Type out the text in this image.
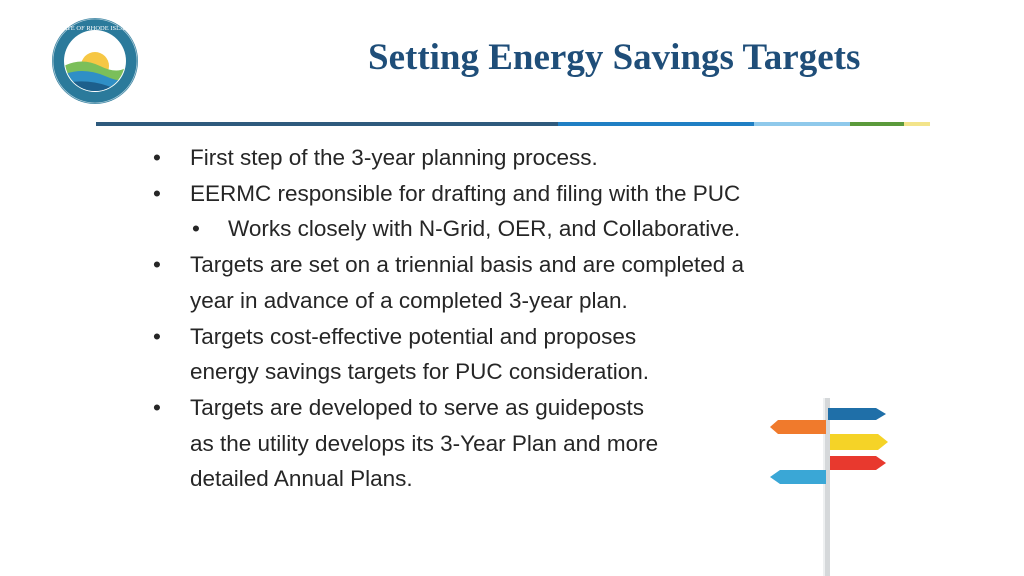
STATE OF RHODE ISLAND
Setting Energy Savings Targets
• First step of the 3-year planning process.
• EERMC responsible for drafting and filing with the PUC
• Works closely with N-Grid, OER, and Collaborative.
• Targets are set on a triennial basis and are completed a
year in advance of a completed 3-year plan.
• Targets cost-effective potential and proposes
energy savings targets for PUC consideration.
• Targets are developed to serve as guideposts
as the utility develops its 3-Year Plan and more
detailed Annual Plans.
